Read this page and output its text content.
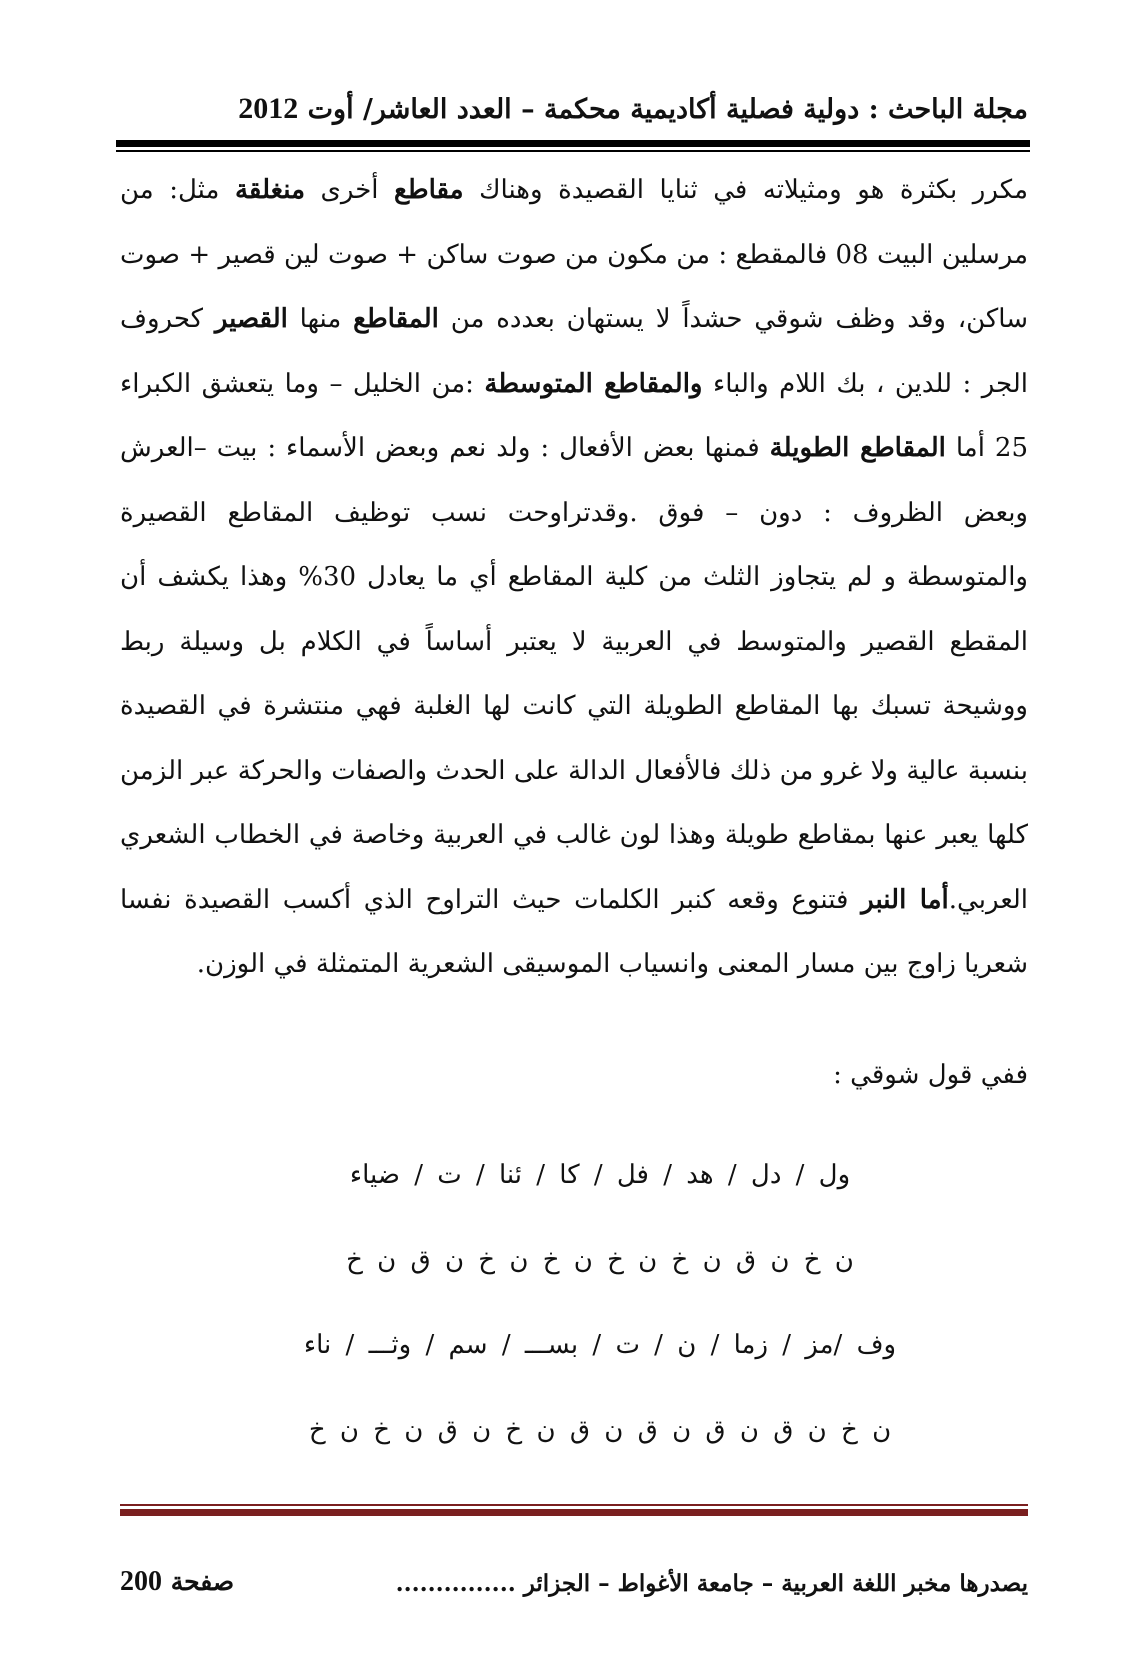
مجلة الباحث : دولية فصلية أكاديمية محكمة – العدد العاشر/ أوت 2012

مكرر بكثرة هو ومثيلاته في ثنايا القصيدة وهناك مقاطع أخرى منغلقة مثل: من مرسلين البيت 08 فالمقطع : من مكون من صوت ساكن + صوت لين قصير + صوت ساكن، وقد وظف شوقي حشداً لا يستهان بعدده من المقاطع منها القصير كحروف الجر : للدين ، بك اللام والباء والمقاطع المتوسطة :من الخليل – وما يتعشق الكبراء 25 أما المقاطع الطويلة فمنها بعض الأفعال : ولد نعم وبعض الأسماء : بيت –العرش وبعض الظروف : دون – فوق .وقدتراوحت نسب توظيف المقاطع القصيرة والمتوسطة و لم يتجاوز الثلث من كلية المقاطع أي ما يعادل 30% وهذا يكشف أن المقطع القصير والمتوسط في العربية لا يعتبر أساساً في الكلام بل وسيلة ربط ووشيحة تسبك بها المقاطع الطويلة التي كانت لها الغلبة فهي منتشرة في القصيدة بنسبة عالية ولا غرو من ذلك فالأفعال الدالة على الحدث والصفات والحركة عبر الزمن كلها يعبر عنها بمقاطع طويلة وهذا لون غالب في العربية وخاصة في الخطاب الشعري العربي.أما النبر فتنوع وقعه كنبر الكلمات حيث التراوح الذي أكسب القصيدة نفسا شعريا زاوج بين مسار المعنى وانسياب الموسيقى الشعرية المتمثلة في الوزن.

ففي قول شوقي :
ول / دل / هد / فل / كا / ئنا / ت / ضياء
ن خ ن ق ن خ ن خ ن خ ن خ ن ق ن خ
وف /مز / زما / ن / ت / بســـ / سم / وثـــ / ناء
ن خ ن ق ن ق ن ق ن ق ن خ ن ق ن خ ن خ
يصدرها مخبر اللغة العربية – جامعة الأغواط – الجزائر ...............
صفحة 200
